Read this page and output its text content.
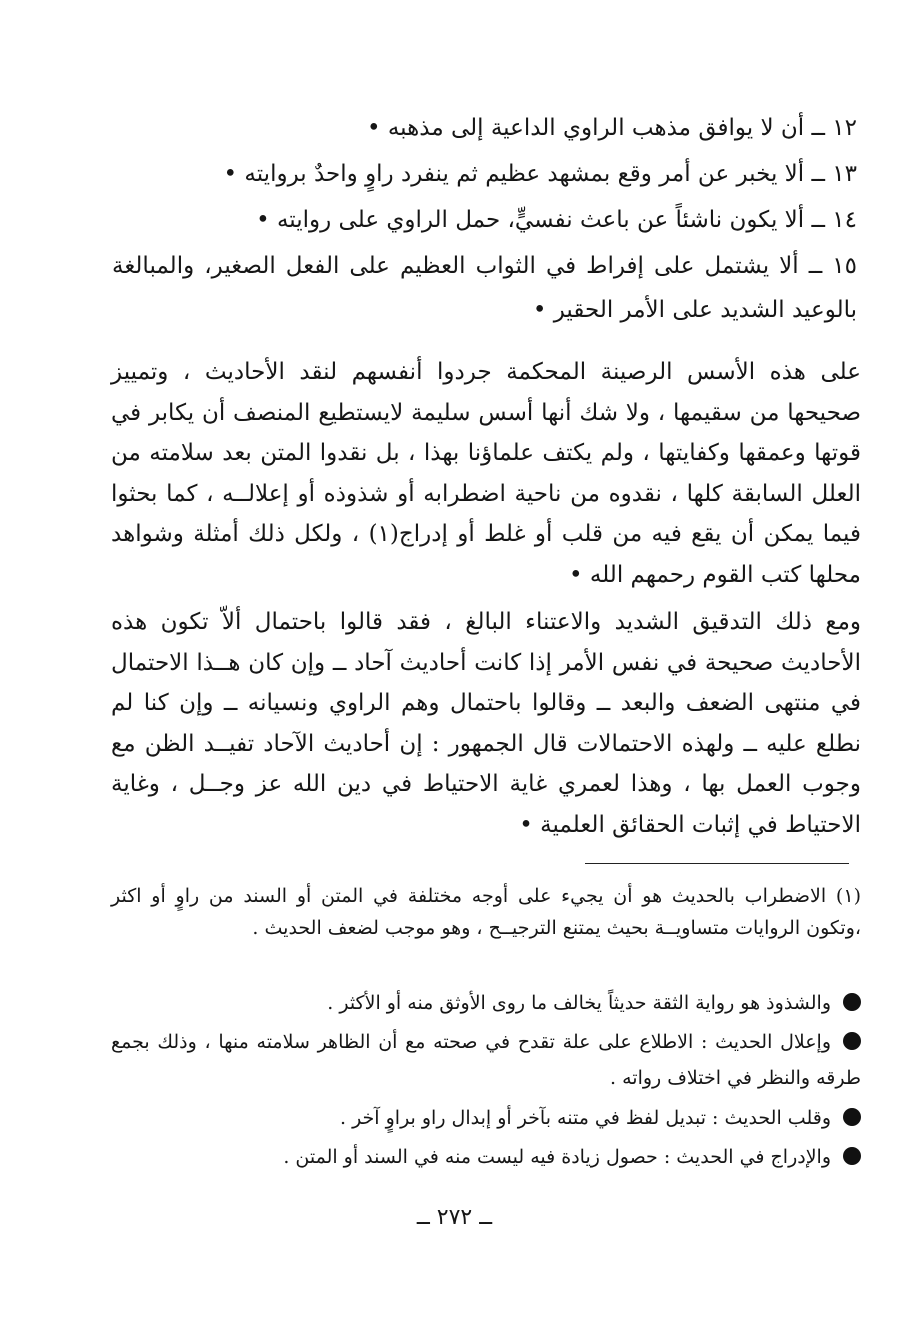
١٢ ــ أن لا يوافق مذهب الراوي الداعية إلى مذهبه •
١٣ ــ ألا يخبر عن أمر وقع بمشهد عظيم ثم ينفرد راوٍ واحدٌ بروايته •
١٤ ــ ألا يكون ناشئاً عن باعث نفسيٍّ، حمل الراوي على روايته •
١٥ ــ ألا يشتمل على إفراط في الثواب العظيم على الفعل الصغير، والمبالغة بالوعيد الشديد على الأمر الحقير •
على هذه الأسس الرصينة المحكمة جردوا أنفسهم لنقد الأحاديث ، وتمييز صحيحها من سقيمها ، ولا شك أنها أسس سليمة لايستطيع المنصف أن يكابر في قوتها وعمقها وكفايتها ، ولم يكتف علماؤنا بهذا ، بل نقدوا المتن بعد سلامته من العلل السابقة كلها ، نقدوه من ناحية اضطرابه أو شذوذه أو إعلالــه ، كما بحثوا فيما يمكن أن يقع فيه من قلب أو غلط أو إدراج(١) ، ولكل ذلك أمثلة وشواهد محلها كتب القوم رحمهم الله •
ومع ذلك التدقيق الشديد والاعتناء البالغ ، فقد قالوا باحتمال ألاّ تكون هذه الأحاديث صحيحة في نفس الأمر إذا كانت أحاديث آحاد ــ وإن كان هــذا الاحتمال في منتهى الضعف والبعد ــ وقالوا باحتمال وهم الراوي ونسيانه ــ وإن كنا لم نطلع عليه ــ ولهذه الاحتمالات قال الجمهور : إن أحاديث الآحاد تفيــد الظن مع وجوب العمل بها ، وهذا لعمري غاية الاحتياط في دين الله عز وجــل ، وغاية الاحتياط في إثبات الحقائق العلمية •
(١) الاضطراب بالحديث هو أن يجيء على أوجه مختلفة في المتن أو السند من راوٍ أو اكثر ،وتكون الروايات متساويــة بحيث يمتنع الترجيــح ، وهو موجب لضعف الحديث .
والشذوذ هو رواية الثقة حديثاً يخالف ما روى الأوثق منه أو الأكثر .
وإعلال الحديث : الاطلاع على علة تقدح في صحته مع أن الظاهر سلامته منها ، وذلك بجمع طرقه والنظر في اختلاف رواته .
وقلب الحديث : تبديل لفظ في متنه بآخر أو إبدال راو براوٍ آخر .
والإدراج في الحديث : حصول زيادة فيه ليست منه في السند أو المتن .
ــ ٢٧٢ ــ
